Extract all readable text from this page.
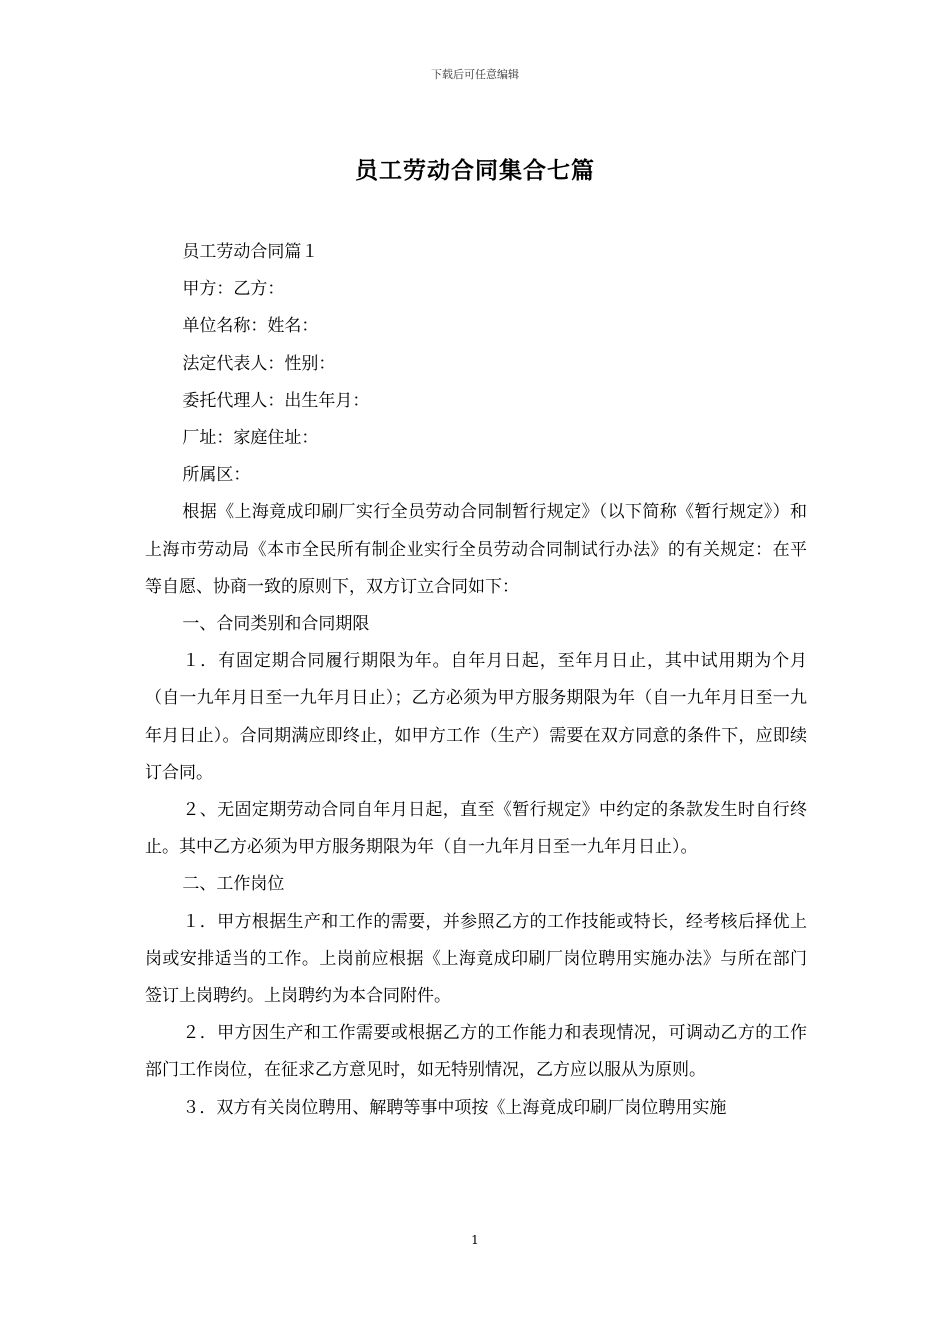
下载后可任意编辑
员工劳动合同集合七篇

员工劳动合同篇１

甲方：乙方：

单位名称：姓名：

法定代表人：性别：

委托代理人：出生年月：

厂址：家庭住址：

所属区：

根据《上海竟成印刷厂实行全员劳动合同制暂行规定》（以下简称《暂行规定》）和上海市劳动局《本市全民所有制企业实行全员劳动合同制试行办法》的有关规定：在平等自愿、协商一致的原则下，双方订立合同如下：

一、合同类别和合同期限

１．有固定期合同履行期限为年。自年月日起，至年月日止，其中试用期为个月（自一九年月日至一九年月日止）；乙方必须为甲方服务期限为年（自一九年月日至一九年月日止）。合同期满应即终止，如甲方工作（生产）需要在双方同意的条件下，应即续订合同。

２、无固定期劳动合同自年月日起，直至《暂行规定》中约定的条款发生时自行终止。其中乙方必须为甲方服务期限为年（自一九年月日至一九年月日止）。

二、工作岗位

１．甲方根据生产和工作的需要，并参照乙方的工作技能或特长，经考核后择优上岗或安排适当的工作。上岗前应根据《上海竟成印刷厂岗位聘用实施办法》与所在部门签订上岗聘约。上岗聘约为本合同附件。

２．甲方因生产和工作需要或根据乙方的工作能力和表现情况，可调动乙方的工作部门工作岗位，在征求乙方意见时，如无特别情况，乙方应以服从为原则。

３．双方有关岗位聘用、解聘等事中项按《上海竟成印刷厂岗位聘用实施

1
